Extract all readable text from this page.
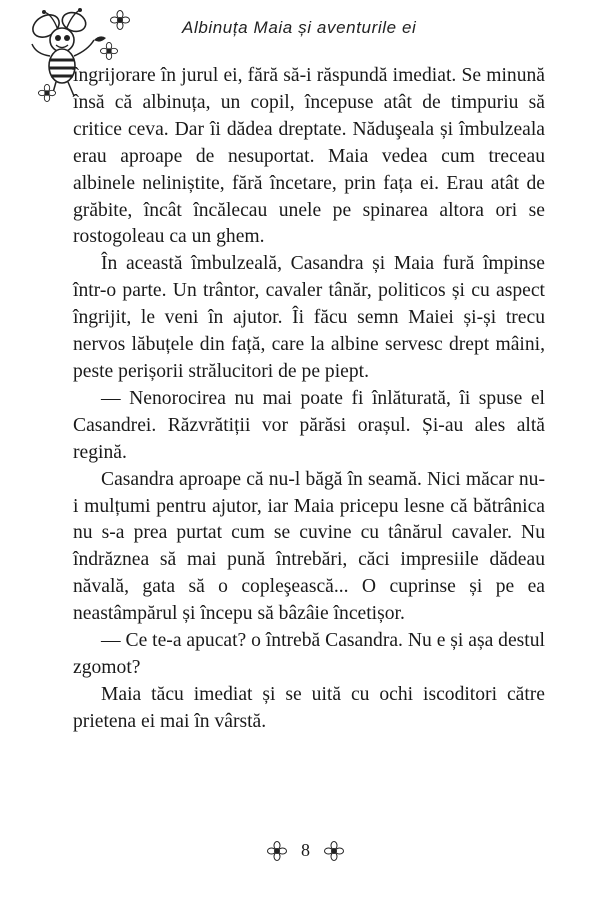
Albinuța Maia și aventurile ei

îngrijorare în jurul ei, fără să-i răspundă imediat. Se minună însă că albinuța, un copil, începuse atât de timpuriu să critice ceva. Dar îi dădea dreptate. Năduşeala și îmbulzeala erau aproape de nesuportat. Maia vedea cum treceau albinele neliniștite, fără încetare, prin fața ei. Erau atât de grăbite, încât încălecau unele pe spinarea altora ori se rostogoleau ca un ghem.

În această îmbulzeală, Casandra și Maia fură împinse într-o parte. Un trântor, cavaler tânăr, politicos și cu aspect îngrijit, le veni în ajutor. Îi făcu semn Maiei și-și trecu nervos lăbuțele din față, care la albine servesc drept mâini, peste perișorii strălucitori de pe piept.

— Nenorocirea nu mai poate fi înlăturată, îi spuse el Casandrei. Răzvrătiții vor părăsi orașul. Și-au ales altă regină.

Casandra aproape că nu-l băgă în seamă. Nici măcar nu-i mulțumi pentru ajutor, iar Maia pricepu lesne că bătrânica nu s-a prea purtat cum se cuvine cu tânărul cavaler. Nu îndrăznea să mai pună întrebări, căci impresiile dădeau năvală, gata să o copleşească... O cuprinse și pe ea neastâmpărul și începu să bâzâie încetișor.

— Ce te-a apucat? o întrebă Casandra. Nu e și așa destul zgomot?

Maia tăcu imediat și se uită cu ochi iscoditori către prietena ei mai în vârstă.

8
